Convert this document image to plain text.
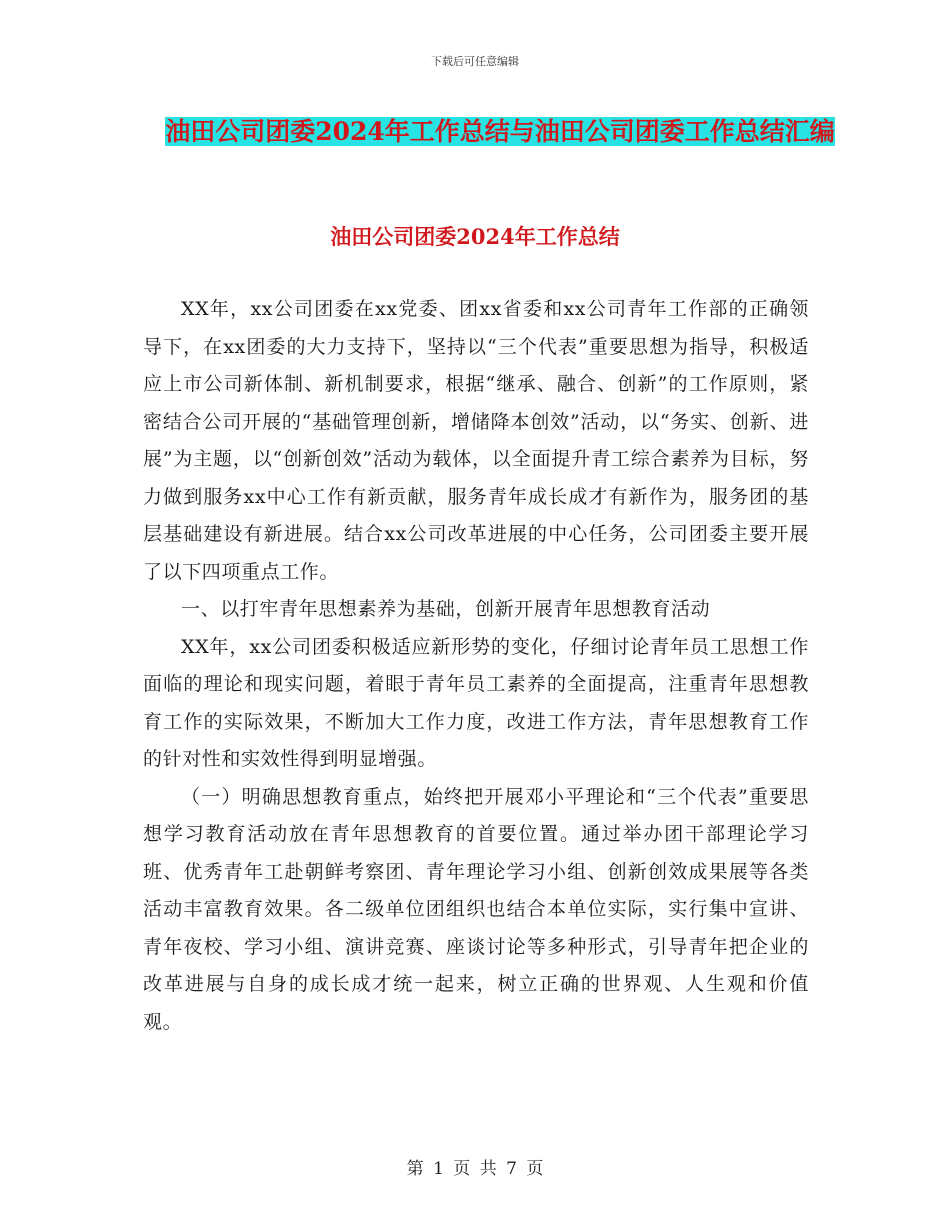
下载后可任意编辑
油田公司团委2024年工作总结与油田公司团委工作总结汇编
油田公司团委2024年工作总结

XX年，xx公司团委在xx党委、团xx省委和xx公司青年工作部的正确领导下，在xx团委的大力支持下，坚持以“三个代表”重要思想为指导，积极适应上市公司新体制、新机制要求，根据“继承、融合、创新”的工作原则，紧密结合公司开展的“基础管理创新，增储降本创效”活动，以“务实、创新、进展”为主题，以“创新创效”活动为载体，以全面提升青工综合素养为目标，努力做到服务xx中心工作有新贡献，服务青年成长成才有新作为，服务团的基层基础建设有新进展。结合xx公司改革进展的中心任务，公司团委主要开展了以下四项重点工作。

一、以打牢青年思想素养为基础，创新开展青年思想教育活动

XX年，xx公司团委积极适应新形势的变化，仔细讨论青年员工思想工作面临的理论和现实问题，着眼于青年员工素养的全面提高，注重青年思想教育工作的实际效果，不断加大工作力度，改进工作方法，青年思想教育工作的针对性和实效性得到明显增强。

（一）明确思想教育重点，始终把开展邓小平理论和“三个代表”重要思想学习教育活动放在青年思想教育的首要位置。通过举办团干部理论学习班、优秀青年工赴朝鲜考察团、青年理论学习小组、创新创效成果展等各类活动丰富教育效果。各二级单位团组织也结合本单位实际，实行集中宣讲、青年夜校、学习小组、演讲竞赛、座谈讨论等多种形式，引导青年把企业的改革进展与自身的成长成才统一起来，树立正确的世界观、人生观和价值观。

第 1 页 共 7 页
